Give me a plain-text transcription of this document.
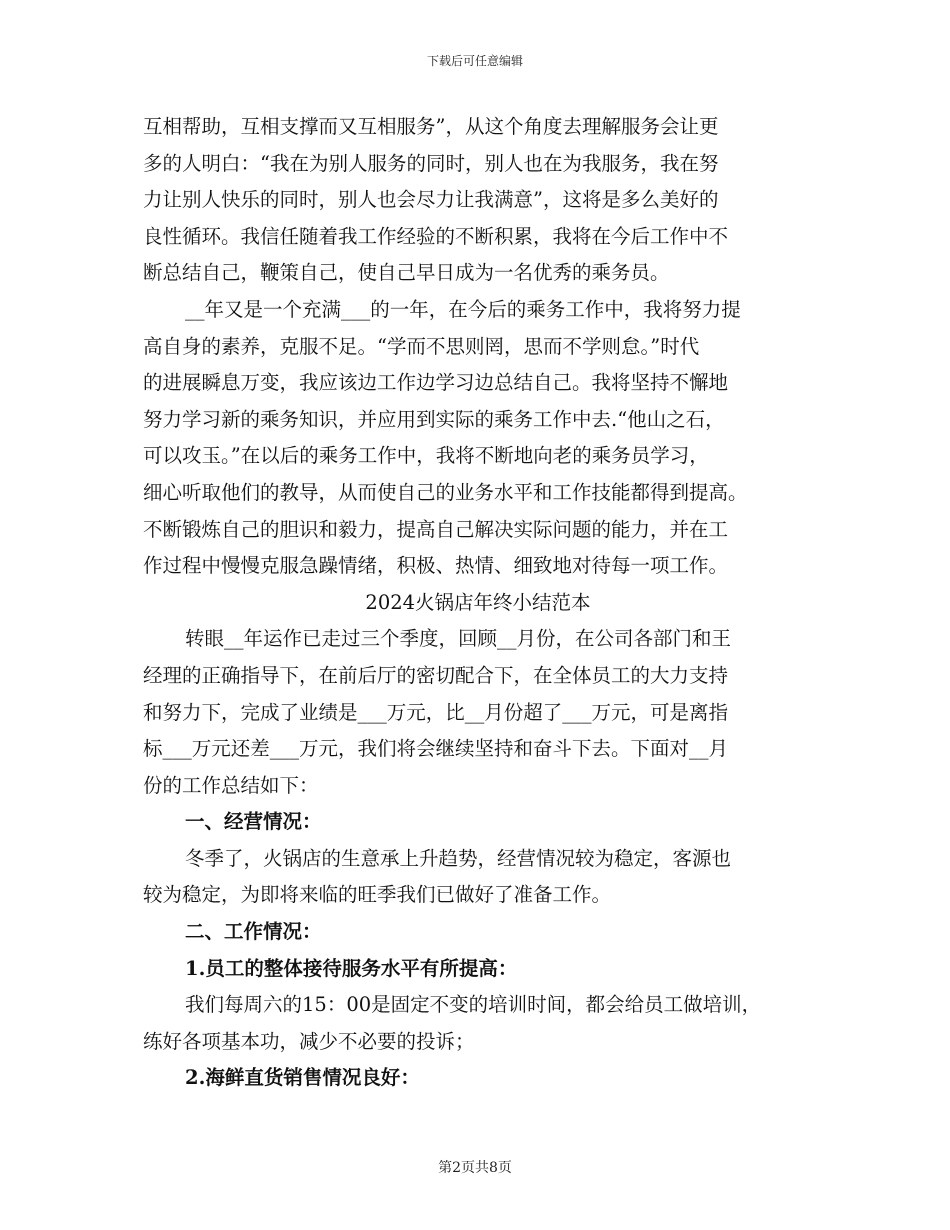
下载后可任意编辑

互相帮助，互相支撑而又互相服务”，从这个角度去理解服务会让更

多的人明白：“我在为别人服务的同时，别人也在为我服务，我在努

力让别人快乐的同时，别人也会尽力让我满意”，这将是多么美好的

良性循环。我信任随着我工作经验的不断积累，我将在今后工作中不

断总结自己，鞭策自己，使自己早日成为一名优秀的乘务员。

__年又是一个充满___的一年，在今后的乘务工作中，我将努力提

高自身的素养，克服不足。“学而不思则罔，思而不学则怠。”时代

的进展瞬息万变，我应该边工作边学习边总结自己。我将坚持不懈地

努力学习新的乘务知识，并应用到实际的乘务工作中去.“他山之石，

可以攻玉。”在以后的乘务工作中，我将不断地向老的乘务员学习，

细心听取他们的教导，从而使自己的业务水平和工作技能都得到提高。

不断锻炼自己的胆识和毅力，提高自己解决实际问题的能力，并在工

作过程中慢慢克服急躁情绪，积极、热情、细致地对待每一项工作。

2024火锅店年终小结范本

转眼__年运作已走过三个季度，回顾__月份，在公司各部门和王

经理的正确指导下，在前后厅的密切配合下，在全体员工的大力支持

和努力下，完成了业绩是___万元，比__月份超了___万元，可是离指

标___万元还差___万元，我们将会继续坚持和奋斗下去。下面对__月

份的工作总结如下：

一、经营情况：

冬季了，火锅店的生意承上升趋势，经营情况较为稳定，客源也

较为稳定，为即将来临的旺季我们已做好了准备工作。

二、工作情况：

1.员工的整体接待服务水平有所提高：

我们每周六的15：00是固定不变的培训时间，都会给员工做培训，

练好各项基本功，减少不必要的投诉；

2.海鲜直货销售情况良好：

第2页共8页
